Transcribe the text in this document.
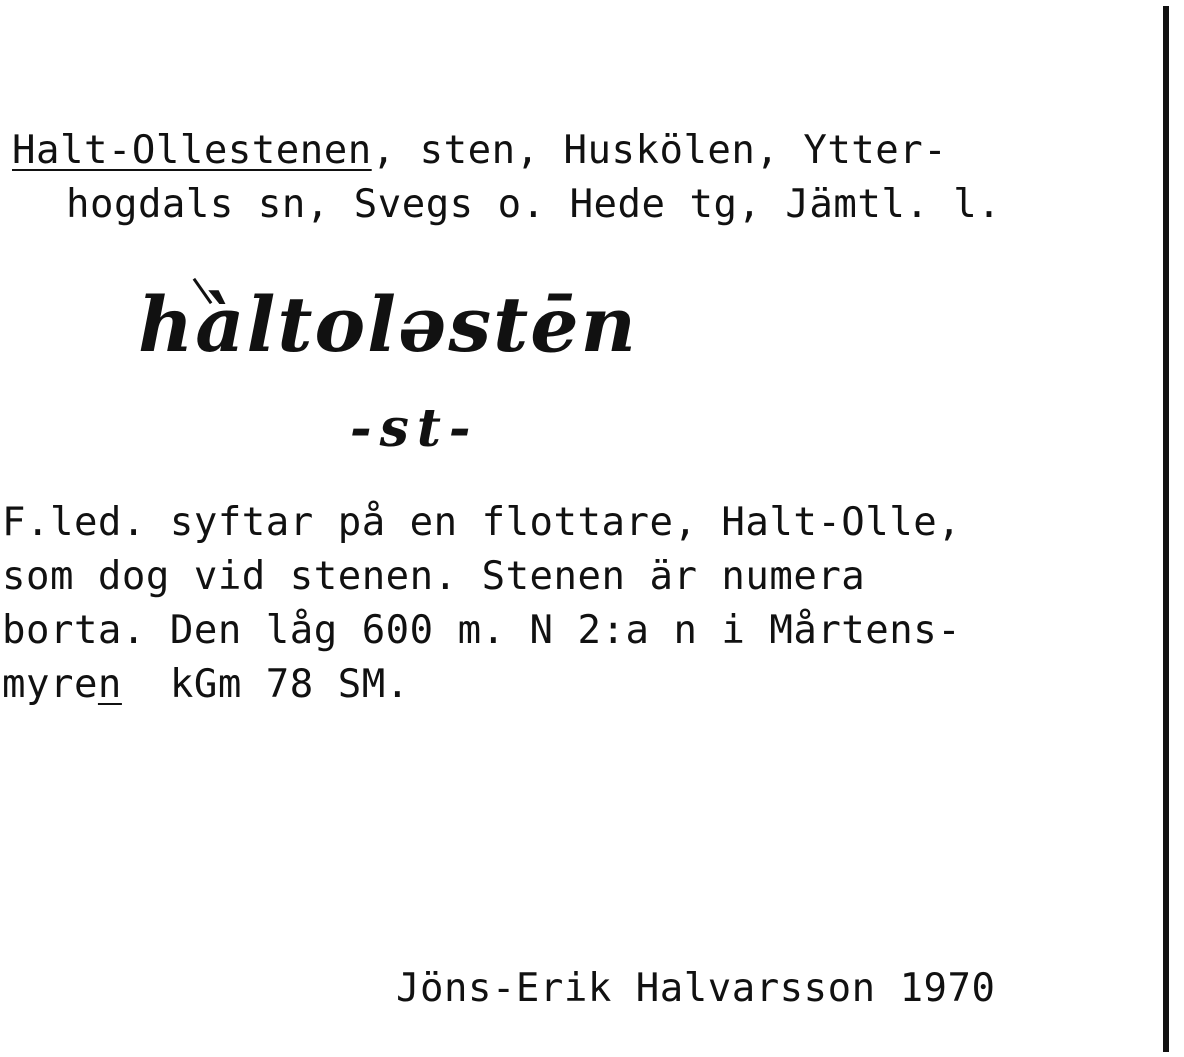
Halt-Ollestenen, sten, Huskölen, Ytter-
hogdals sn, Svegs o. Hede tg, Jämtl. l.
hàltolәstēn
-st-
F.led. syftar på en flottare, Halt-Olle,
som dog vid stenen. Stenen är numera
borta. Den låg 600 m. N 2:a n i Mårtens-
myren  kGm 78 SM.
Jöns-Erik Halvarsson 1970
